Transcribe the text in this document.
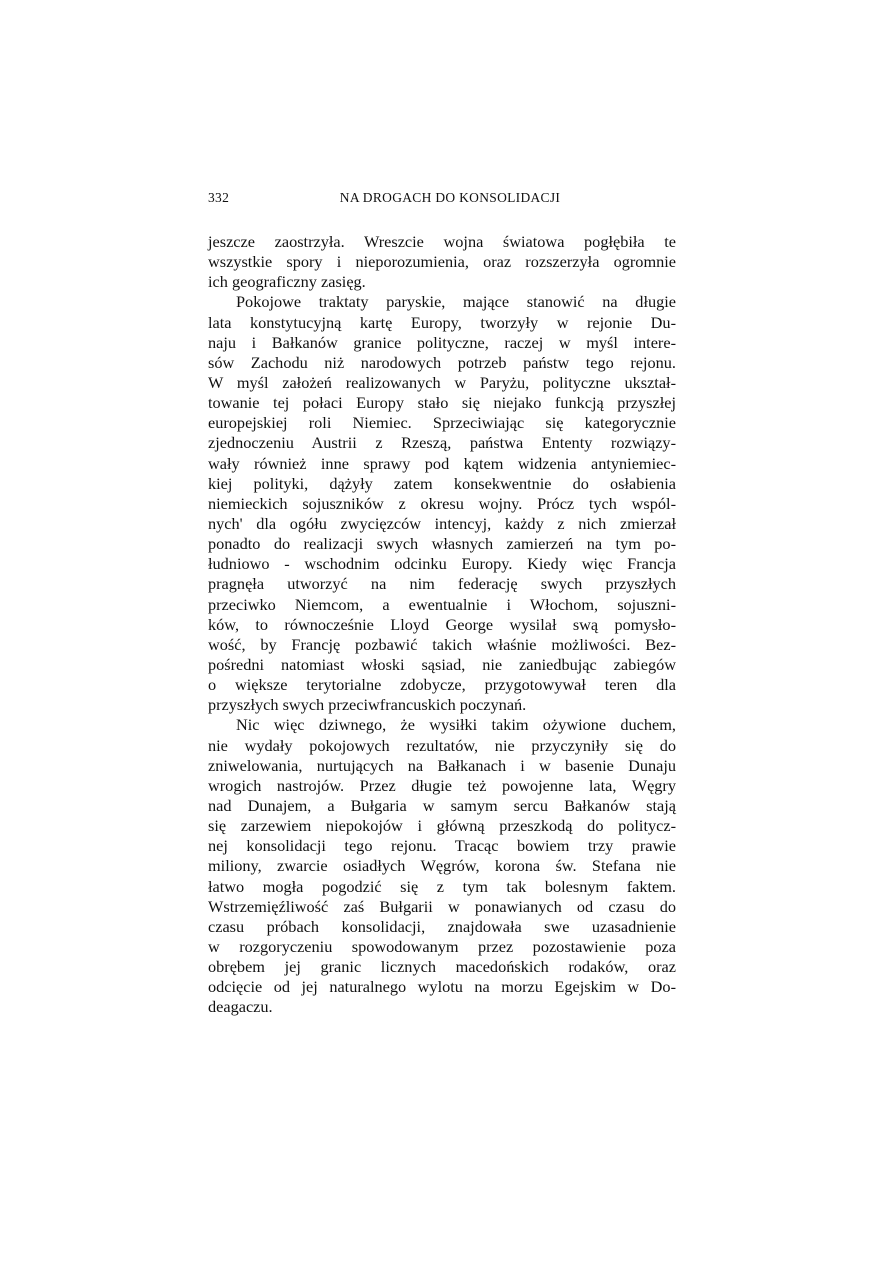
332	NA DROGACH DO KONSOLIDACJI
jeszcze zaostrzyła. Wreszcie wojna światowa pogłębiła te
wszystkie spory i nieporozumienia, oraz rozszerzyła ogromnie
ich geograficzny zasięg.
Pokojowe traktaty paryskie, mające stanowić na długie
lata konstytucyjną kartę Europy, tworzyły w rejonie Du-
naju i Bałkanów granice polityczne, raczej w myśl intere-
sów Zachodu niż narodowych potrzeb państw tego rejonu.
W myśl założeń realizowanych w Paryżu, polityczne ukształ-
towanie tej połaci Europy stało się niejako funkcją przyszłej
europejskiej roli Niemiec. Sprzeciwiając się kategorycznie
zjednoczeniu Austrii z Rzeszą, państwa Ententy rozwiązy-
wały również inne sprawy pod kątem widzenia antyniemiec-
kiej polityki, dążyły zatem konsekwentnie do osłabienia
niemieckich sojuszników z okresu wojny. Prócz tych wspól-
nych' dla ogółu zwycięzców intencyj, każdy z nich zmierzał
ponadto do realizacji swych własnych zamierzeń na tym po-
łudniowo - wschodnim odcinku Europy. Kiedy więc Francja
pragnęła utworzyć na nim federację swych przyszłych
przeciwko Niemcom, a ewentualnie i Włochom, sojuszni-
ków, to równocześnie Lloyd George wysilał swą pomysło-
wość, by Francję pozbawić takich właśnie możliwości. Bez-
pośredni natomiast włoski sąsiad, nie zaniedbując zabiegów
o większe terytorialne zdobycze, przygotowywał teren dla
przyszłych swych przeciwfrancuskich poczynań.
Nic więc dziwnego, że wysiłki takim ożywione duchem,
nie wydały pokojowych rezultatów, nie przyczyniły się do
zniwelowania, nurtujących na Bałkanach i w basenie Dunaju
wrogich nastrojów. Przez długie też powojenne lata, Węgry
nad Dunajem, a Bułgaria w samym sercu Bałkanów stają
się zarzewiem niepokojów i główną przeszkodą do politycz-
nej konsolidacji tego rejonu. Tracąc bowiem trzy prawie
miliony, zwarcie osiadłych Węgrów, korona św. Stefana nie
łatwo mogła pogodzić się z tym tak bolesnym faktem.
Wstrzemięźliwość zaś Bułgarii w ponawianych od czasu do
czasu próbach konsolidacji, znajdowała swe uzasadnienie
w rozgoryczeniu spowodowanym przez pozostawienie poza
obrębem jej granic licznych macedońskich rodaków, oraz
odcięcie od jej naturalnego wylotu na morzu Egejskim w Do-
deagaczu.
